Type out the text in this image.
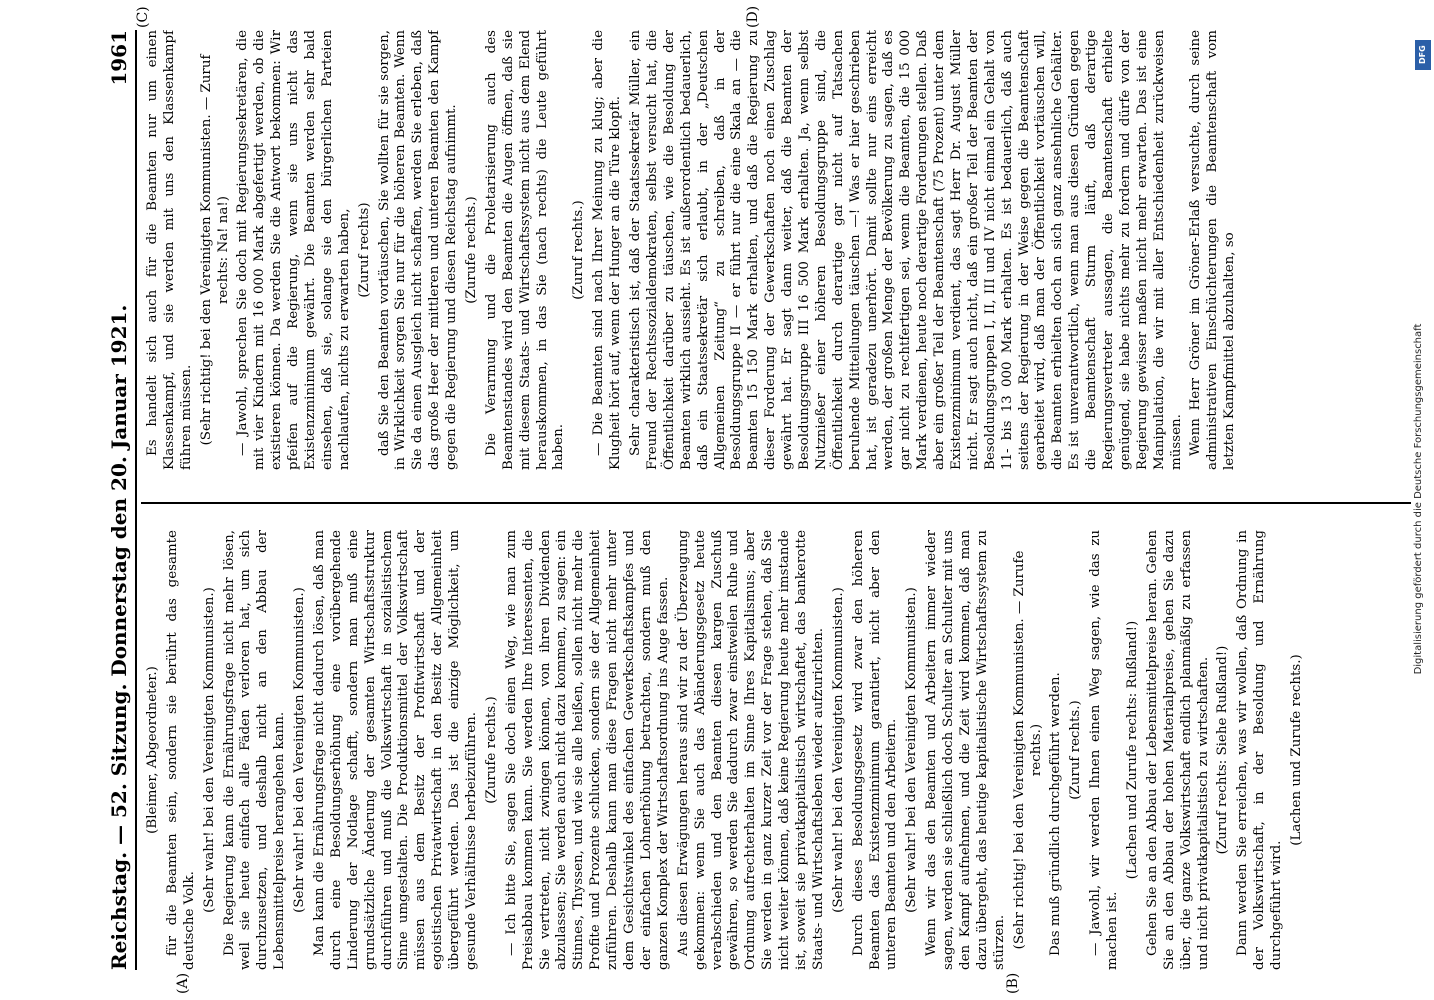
Reichstag. — 52. Sitzung. Donnerstag den 20. Januar 1921.
1961

(Bleimer, Abgeordneter.) für die Beamten sein, sondern sie berührt das gesamte deutsche Volk.

(Sehr wahr! bei den Vereinigten Kommunisten.) Die Regierung kann die Ernährungsfrage nicht mehr lösen, weil sie heute einfach alle Fäden verloren hat, um sich durchzusetzen, und deshalb nicht an den Abbau der Lebensmittelpreise herangehen kann. (Sehr wahr! bei den Vereinigten Kommunisten.) Man kann die Ernährungsfrage nicht dadurch lösen, daß man durch eine Besoldungserhöhung eine vorübergehende Linderung der Notlage schafft, sondern man muß eine grundsätzliche Änderung der gesamten Wirtschaftsstruktur durchführen und muß die Volkswirtschaft in sozialistischem Sinne umgestalten. Die Produktionsmittel der Volkswirtschaft müssen aus dem Besitz der Profitwirtschaft und der egoistischen Privatwirtschaft in den Besitz der Allgemeinheit übergeführt werden. Das ist die einzige Möglichkeit, um gesunde Verhältnisse herbeizuführen. (Zurufe rechts.) — Ich bitte Sie, sagen Sie doch einen Weg, wie man zum Preisabbau kommen kann. Sie werden Ihre Interessenten, die Sie vertreten, nicht zwingen können, von ihren Dividenden abzulassen; Sie werden auch nicht dazu kommen, zu sagen: ein Stinnes, Thyssen, und wie sie alle heißen, sollen nicht mehr die Profite und Prozente schlucken, sondern sie der Allgemeinheit zuführen. Deshalb kann man diese Fragen nicht mehr unter dem Gesichtswinkel des einfachen Gewerkschaftskampfes und der einfachen Lohnerhöhung betrachten, sondern muß den ganzen Komplex der Wirtschaftsordnung ins Auge fassen. Aus diesen Erwägungen heraus sind wir zu der Überzeugung gekommen: wenn Sie auch das Abänderungsgesetz heute verabschieden und den Beamten diesen kargen Zuschuß gewähren, so werden Sie dadurch zwar einstweilen Ruhe und Ordnung aufrechterhalten im Sinne Ihres Kapitalismus; aber Sie werden in ganz kurzer Zeit vor der Frage stehen, daß Sie nicht weiter können, daß keine Regierung heute mehr imstande ist, soweit sie privatkapitalistisch wirtschaftet, das bankerotte Staats- und Wirtschaftsleben wieder aufzurichten. (Sehr wahr! bei den Vereinigten Kommunisten.) Durch dieses Besoldungsgesetz wird zwar den höheren Beamten das Existenzminimum garantiert, nicht aber den unteren Beamten und den Arbeitern. (Sehr wahr! bei den Vereinigten Kommunisten.) Wenn wir das den Beamten und Arbeitern immer wieder sagen, werden sie schließlich doch Schulter an Schulter mit uns den Kampf aufnehmen, und die Zeit wird kommen, daß man dazu übergeht, das heutige kapitalistische Wirtschaftssystem zu stürzen. (Sehr richtig! bei den Vereinigten Kommunisten. — Zurufe rechts.) Das muß gründlich durchgeführt werden. (Zuruf rechts.) — Jawohl, wir werden Ihnen einen Weg sagen, wie das zu machen ist.

(Lachen und Zurufe rechts: Rußland!) Gehen Sie an den Abbau der Lebensmittelpreise heran. Gehen Sie an den Abbau der hohen Materialpreise, gehen Sie dazu über, die ganze Volkswirtschaft endlich planmäßig zu erfassen und nicht privatkapitalistisch zu wirtschaften. (Zuruf rechts: Siehe Rußland!) Dann werden Sie erreichen, was wir wollen, daß Ordnung in der Volkswirtschaft, in der Besoldung und Ernährung durchgeführt wird.

(Lachen und Zurufe rechts.)

Es handelt sich auch für die Beamten nur um einen Klassenkampf, und sie werden mit uns den Klassenkampf führen müssen. (Sehr richtig! bei den Vereinigten Kommunisten. — Zuruf rechts: Na! na!) — Jawohl, sprechen Sie doch mit Regierungssekretären, die mit vier Kindern mit 16 000 Mark abgefertigt werden, ob die existieren können. Da werden Sie die Antwort bekommen: Wir pfeifen auf die Regierung, wenn sie uns nicht das Existenzminimum gewährt. Die Beamten werden sehr bald einsehen, daß sie, solange sie den bürgerlichen Parteien nachlaufen, nichts zu erwarten haben, (Zuruf rechts) daß Sie den Beamten vortäuschen, Sie wollten für sie sorgen, in Wirklichkeit sorgen Sie nur für die höheren Beamten. Wenn Sie da einen Ausgleich nicht schaffen, werden Sie erleben, daß das große Heer der mittleren und unteren Beamten den Kampf gegen die Regierung und diesen Reichstag aufnimmt. (Zurufe rechts.) Die Verarmung und die Proletarisierung auch des Beamtenstandes wird den Beamten die Augen öffnen, daß sie mit diesem Staats- und Wirtschaftssystem nicht aus dem Elend herauskommen, in das Sie (nach rechts) die Leute geführt haben.

(Zuruf rechts.) — Die Beamten sind nach Ihrer Meinung zu klug; aber die Klugheit hört auf, wenn der Hunger an die Türe klopft. Sehr charakteristisch ist, daß der Staatssekretär Müller, ein Freund der Rechtssozialdemokraten, selbst versucht hat, die Öffentlichkeit darüber zu täuschen, wie die Besoldung der Beamten wirklich aussieht. Es ist außerordentlich bedauerlich, daß ein Staatssekretär sich erlaubt, in der „Deutschen Allgemeinen Zeitung“ zu schreiben, daß in der Besoldungsgruppe II — er führt nur die eine Skala an — die Beamten 15 150 Mark erhalten, und daß die Regierung zu dieser Forderung der Gewerkschaften noch einen Zuschlag gewährt hat. Er sagt dann weiter, daß die Beamten der Besoldungsgruppe III 16 500 Mark erhalten. Ja, wenn selbst Nutznießer einer höheren Besoldungsgruppe sind, die Öffentlichkeit durch derartige gar nicht auf Tatsachen beruhende Mitteilungen täuschen —! Was er hier geschrieben hat, ist geradezu unerhört. Damit sollte nur eins erreicht werden, der großen Menge der Bevölkerung zu sagen, daß es gar nicht zu rechtfertigen sei, wenn die Beamten, die 15 000 Mark verdienen, heute noch derartige Forderungen stellen. Daß aber ein großer Teil der Beamtenschaft (75 Prozent) unter dem Existenzminimum verdient, das sagt Herr Dr. August Müller nicht. Er sagt auch nicht, daß ein großer Teil der Beamten der Besoldungsgruppen I, II, III und IV nicht einmal ein Gehalt von 11- bis 13 000 Mark erhalten. Es ist bedauerlich, daß auch seitens der Regierung in der Weise gegen die Beamtenschaft gearbeitet wird, daß man der Öffentlichkeit vortäuschen will, die Beamten erhielten doch an sich ganz ansehnliche Gehälter. Es ist unverantwortlich, wenn man aus diesen Gründen gegen die Beamtenschaft Sturm läuft, daß derartige Regierungsvertreter aussagen, die Beamtenschaft erhielte genügend, sie habe nichts mehr zu fordern und dürfe von der Regierung gewisser maßen nicht mehr erwarten. Das ist eine Manipulation, die wir mit aller Entschiedenheit zurückweisen müssen. Wenn Herr Gröner im Gröner-Erlaß versuchte, durch seine administrativen Einschüchterungen die Beamtenschaft vom letzten Kampfmittel abzuhalten, so

(A)	(B)
(C)	(D)
DFG
Digitalisierung gefördert durch die Deutsche Forschungsgemeinschaft
